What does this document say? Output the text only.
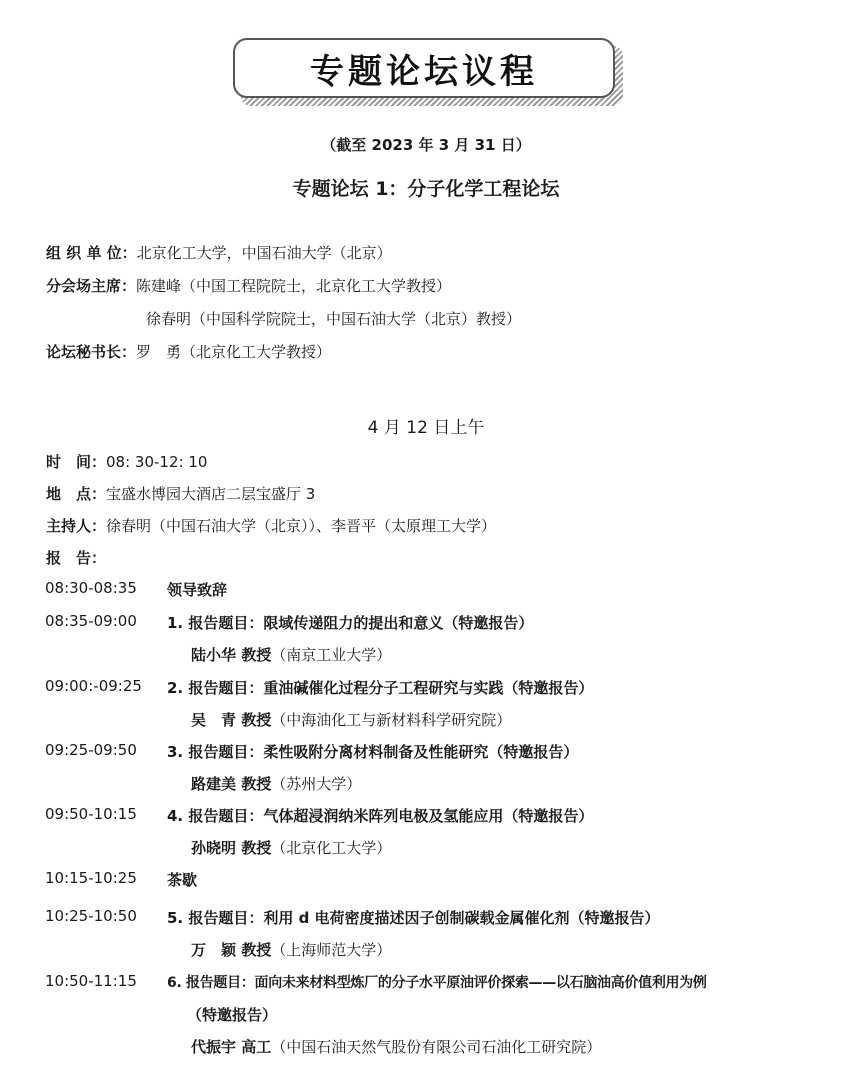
专题论坛议程
（截至 2023 年 3 月 31 日）
专题论坛 1：分子化学工程论坛
组 织 单 位：北京化工大学，中国石油大学（北京）
分会场主席：陈建峰（中国工程院院士，北京化工大学教授）
徐春明（中国科学院院士，中国石油大学（北京）教授）
论坛秘书长：罗　勇（北京化工大学教授）
4 月 12 日上午
时　间：08: 30-12: 10
地　点：宝盛水博园大酒店二层宝盛厅 3
主持人：徐春明（中国石油大学（北京））、李晋平（太原理工大学）
报　告：
08:30-08:35 领导致辞
08:35-09:00 1. 报告题目：限域传递阻力的提出和意义（特邀报告）
陆小华 教授（南京工业大学）
09:00:-09:25 2. 报告题目：重油碱催化过程分子工程研究与实践（特邀报告）
吴　青 教授（中海油化工与新材料科学研究院）
09:25-09:50 3. 报告题目：柔性吸附分离材料制备及性能研究（特邀报告）
路建美 教授（苏州大学）
09:50-10:15 4. 报告题目：气体超浸润纳米阵列电极及氢能应用（特邀报告）
孙晓明 教授（北京化工大学）
10:15-10:25 茶歇
10:25-10:50 5. 报告题目：利用 d 电荷密度描述因子创制碳载金属催化剂（特邀报告）
万　颖 教授（上海师范大学）
10:50-11:15 6. 报告题目：面向未来材料型炼厂的分子水平原油评价探索——以石脑油高价值利用为例
（特邀报告）
代振宇 高工（中国石油天然气股份有限公司石油化工研究院）
